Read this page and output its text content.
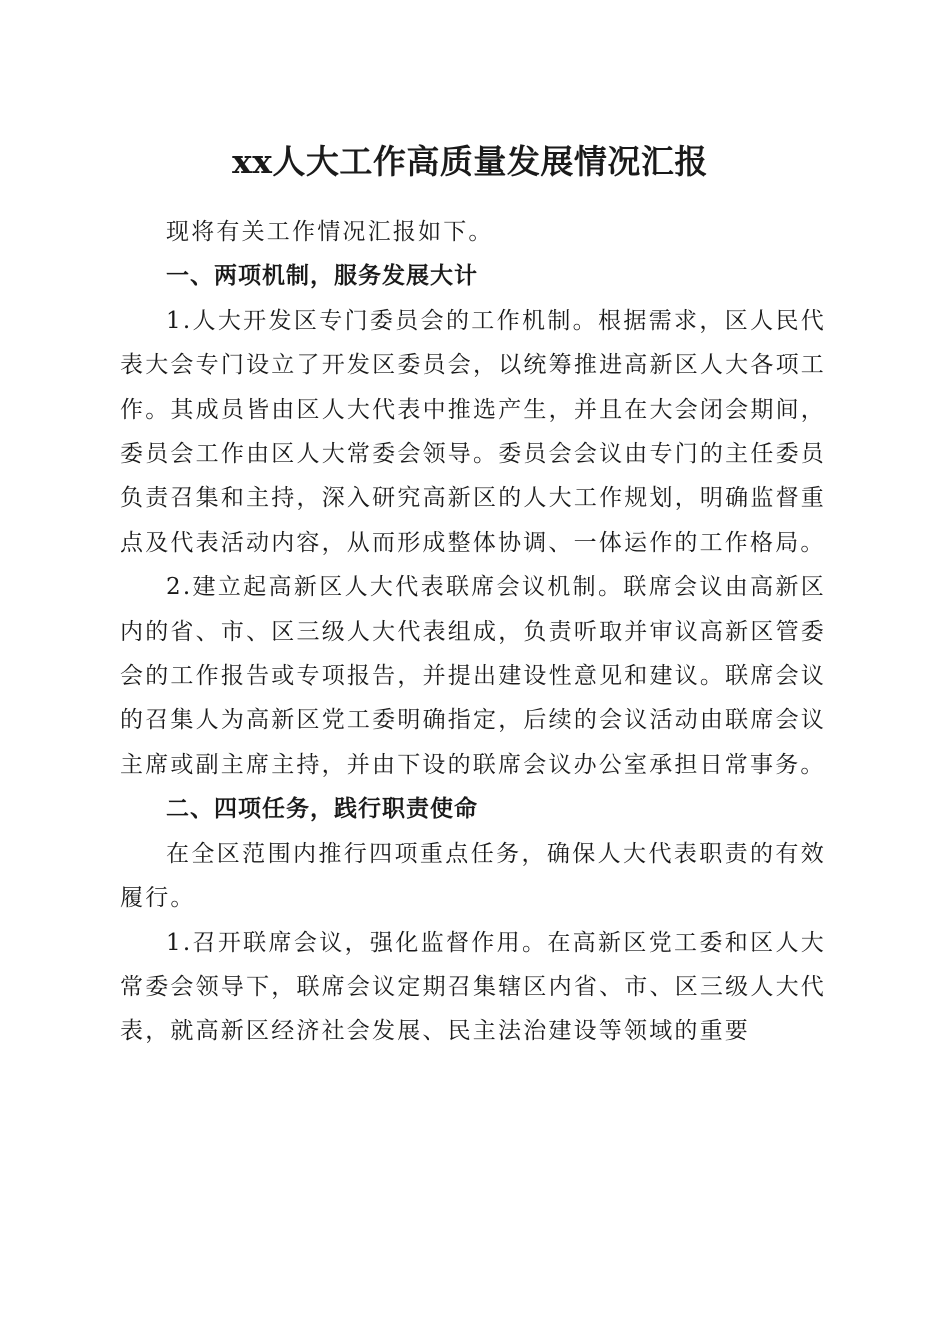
xx人大工作高质量发展情况汇报

现将有关工作情况汇报如下。

一、两项机制，服务发展大计

1.人大开发区专门委员会的工作机制。根据需求，区人民代表大会专门设立了开发区委员会，以统筹推进高新区人大各项工作。其成员皆由区人大代表中推选产生，并且在大会闭会期间，委员会工作由区人大常委会领导。委员会会议由专门的主任委员负责召集和主持，深入研究高新区的人大工作规划，明确监督重点及代表活动内容，从而形成整体协调、一体运作的工作格局。

2.建立起高新区人大代表联席会议机制。联席会议由高新区内的省、市、区三级人大代表组成，负责听取并审议高新区管委会的工作报告或专项报告，并提出建设性意见和建议。联席会议的召集人为高新区党工委明确指定，后续的会议活动由联席会议主席或副主席主持，并由下设的联席会议办公室承担日常事务。

二、四项任务，践行职责使命

在全区范围内推行四项重点任务，确保人大代表职责的有效履行。

1.召开联席会议，强化监督作用。在高新区党工委和区人大常委会领导下，联席会议定期召集辖区内省、市、区三级人大代表，就高新区经济社会发展、民主法治建设等领域的重要
